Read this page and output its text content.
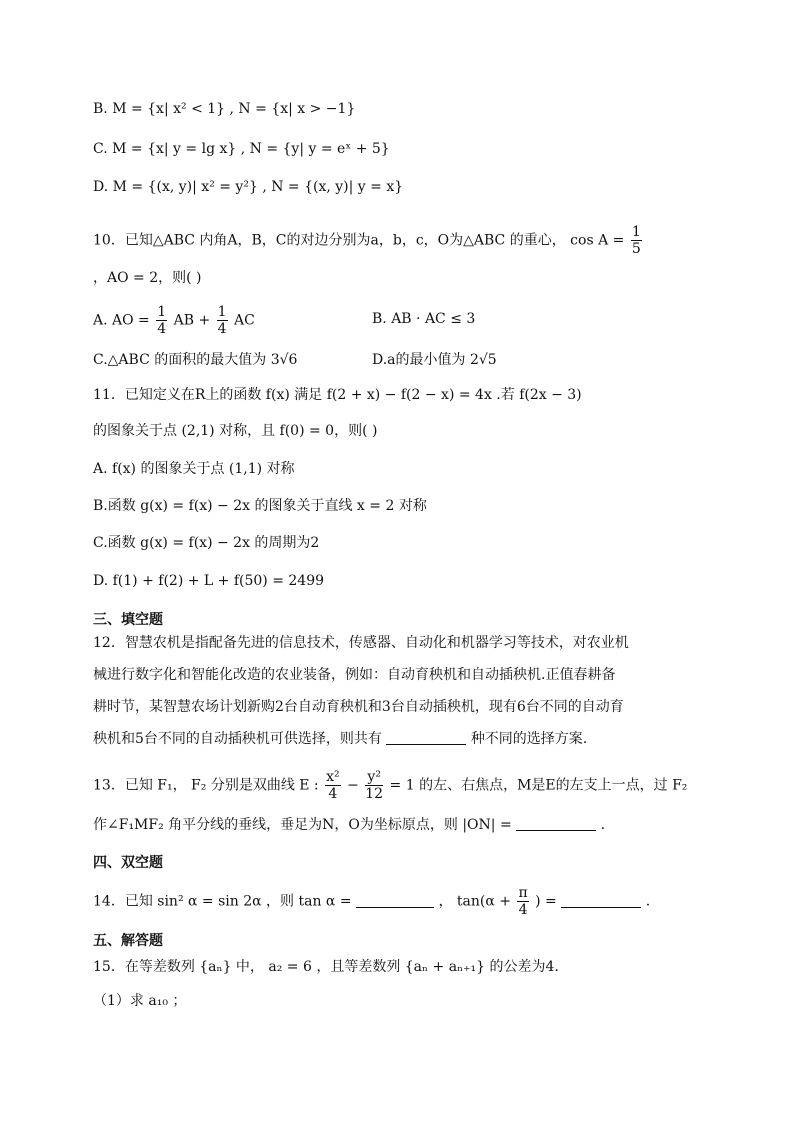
B. M = {x| x² < 1} , N = {x| x > −1}
C. M = {x| y = lg x} , N = {y| y = eˣ + 5}
D. M = {(x, y)| x² = y²} , N = {(x, y)| y = x}
10．已知△ABC 内角A，B，C的对边分别为a，b，c，O为△ABC 的重心， $\cos A = \frac{1}{5}$
，AO = 2，则( )
A. AO = $\frac{1}{4}$ AB + $\frac{1}{4}$ AC	B. AB · AC ≤ 3
C.△ABC 的面积的最大值为 3√6	D.a的最小值为 2√5
11．已知定义在R上的函数 f(x) 满足 f(2 + x) − f(2 − x) = 4x .若 f(2x − 3)
的图象关于点 (2,1) 对称，且 f(0) = 0，则( )
A. f(x) 的图象关于点 (1,1) 对称
B.函数 g(x) = f(x) − 2x 的图象关于直线 x = 2 对称
C.函数 g(x) = f(x) − 2x 的周期为2
D. f(1) + f(2) + L + f(50) = 2499
三、填空题
12．智慧农机是指配备先进的信息技术，传感器、自动化和机器学习等技术，对农业机
械进行数字化和智能化改造的农业装备，例如：自动育秧机和自动插秧机.正值春耕备
耕时节，某智慧农场计划新购2台自动育秧机和3台自动插秧机，现有6台不同的自动育
秧机和5台不同的自动插秧机可供选择，则共有	种不同的选择方案.
13．已知 F₁， F₂ 分别是双曲线 E : $\frac{\text{x²}}{4} - \frac{\text{y²}}{12} = 1$ 的左、右焦点，M是E的左支上一点，过 F₂
作∠F₁MF₂ 角平分线的垂线，垂足为N，O为坐标原点，则 |ON| =	.
四、双空题
14．已知 sin² α = sin 2α ，则 tan α =	， $\tan(\alpha + \frac{\pi}{4}$ ) =	.
五、解答题
15．在等差数列 {aₙ} 中， a₂ = 6 ，且等差数列 {aₙ + aₙ₊₁} 的公差为4.
（1）求 a₁₀ ；
